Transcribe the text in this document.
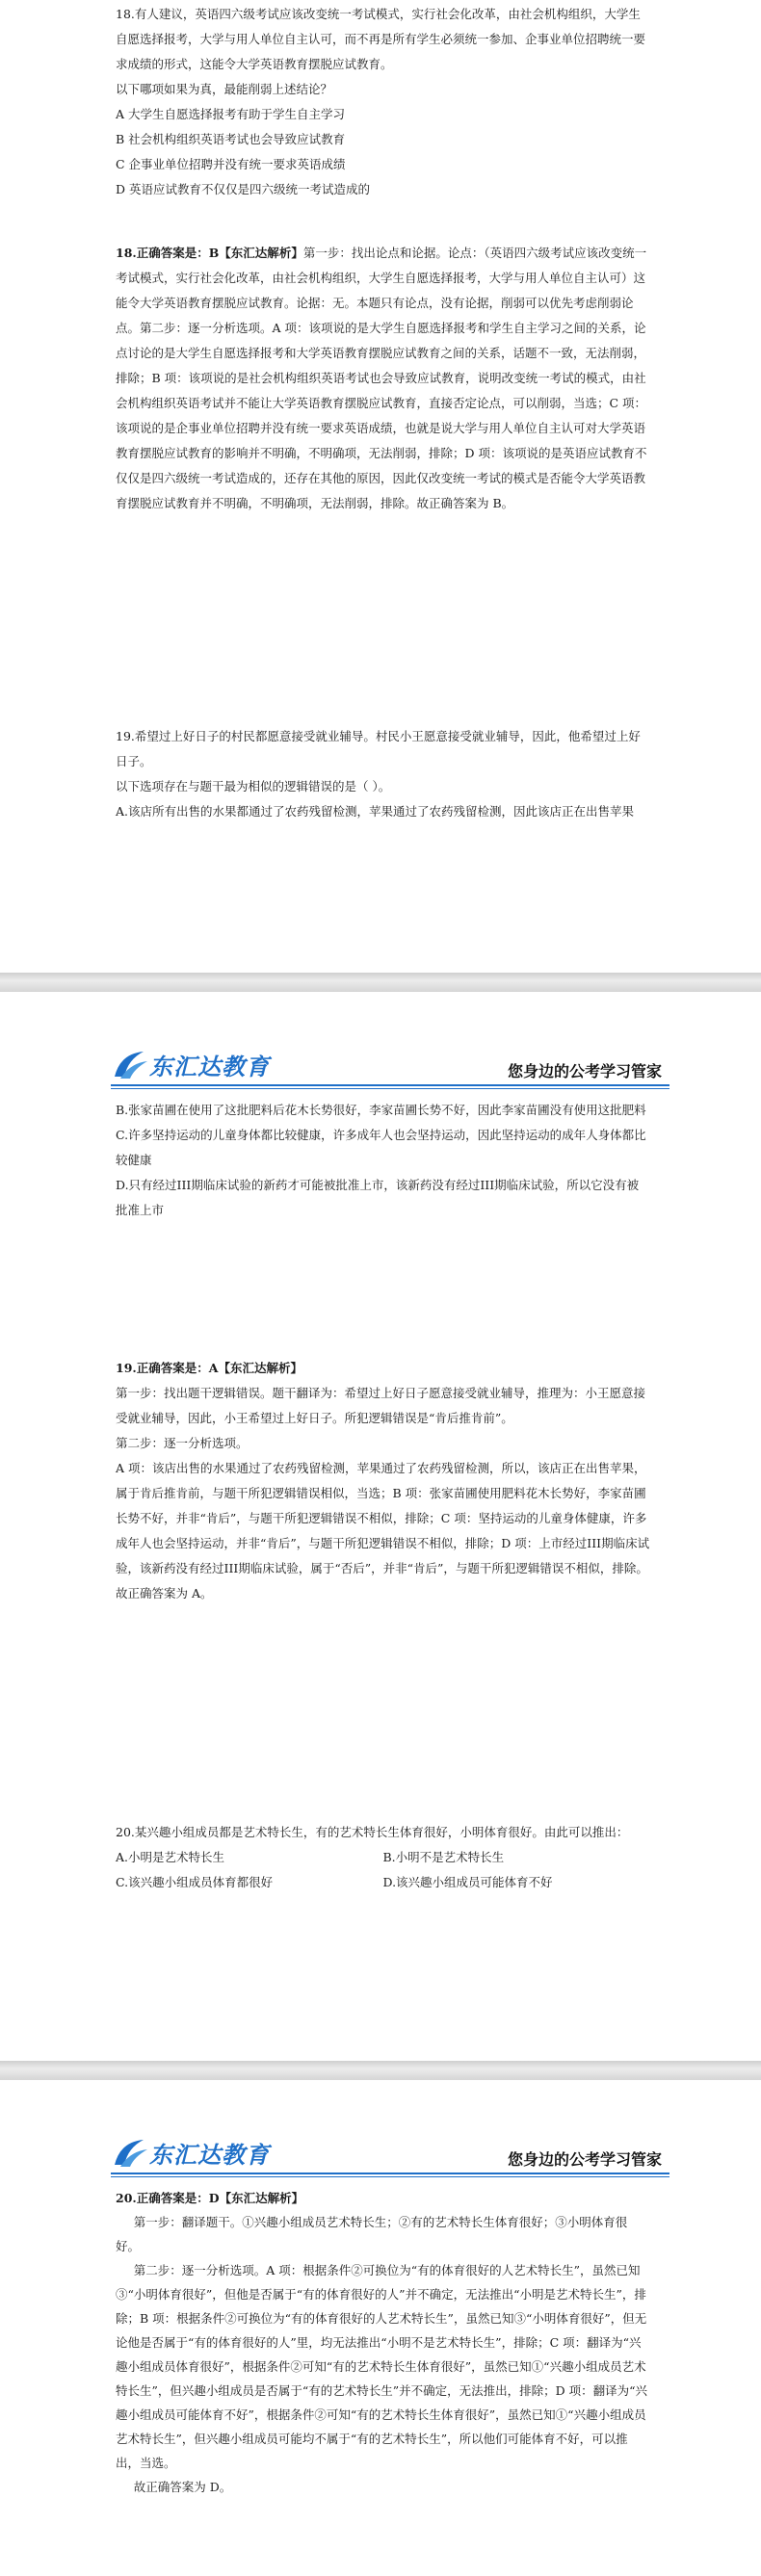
18.有人建议，英语四六级考试应该改变统一考试模式，实行社会化改革，由社会机构组织，大学生自愿选择报考，大学与用人单位自主认可，而不再是所有学生必须统一参加、企事业单位招聘统一要求成绩的形式，这能令大学英语教育摆脱应试教育。

以下哪项如果为真，最能削弱上述结论？

A 大学生自愿选择报考有助于学生自主学习

B 社会机构组织英语考试也会导致应试教育

C 企事业单位招聘并没有统一要求英语成绩

D 英语应试教育不仅仅是四六级统一考试造成的

18.正确答案是：B【东汇达解析】第一步：找出论点和论据。论点：（英语四六级考试应该改变统一考试模式，实行社会化改革，由社会机构组织，大学生自愿选择报考，大学与用人单位自主认可）这能令大学英语教育摆脱应试教育。论据：无。本题只有论点，没有论据，削弱可以优先考虑削弱论点。第二步：逐一分析选项。A 项：该项说的是大学生自愿选择报考和学生自主学习之间的关系，论点讨论的是大学生自愿选择报考和大学英语教育摆脱应试教育之间的关系，话题不一致，无法削弱，排除；B 项：该项说的是社会机构组织英语考试也会导致应试教育，说明改变统一考试的模式，由社会机构组织英语考试并不能让大学英语教育摆脱应试教育，直接否定论点，可以削弱，当选；C 项：该项说的是企事业单位招聘并没有统一要求英语成绩，也就是说大学与用人单位自主认可对大学英语教育摆脱应试教育的影响并不明确，不明确项，无法削弱，排除；D 项：该项说的是英语应试教育不仅仅是四六级统一考试造成的，还存在其他的原因，因此仅改变统一考试的模式是否能令大学英语教育摆脱应试教育并不明确，不明确项，无法削弱，排除。故正确答案为 B。

19.希望过上好日子的村民都愿意接受就业辅导。村民小王愿意接受就业辅导，因此，他希望过上好日子。

以下选项存在与题干最为相似的逻辑错误的是（ ）。

A.该店所有出售的水果都通过了农药残留检测，苹果通过了农药残留检测，因此该店正在出售苹果

东汇达教育	您身边的公考学习管家

B.张家苗圃在使用了这批肥料后花木长势很好，李家苗圃长势不好，因此李家苗圃没有使用这批肥料

C.许多坚持运动的儿童身体都比较健康，许多成年人也会坚持运动，因此坚持运动的成年人身体都比较健康

D.只有经过III期临床试验的新药才可能被批准上市，该新药没有经过III期临床试验，所以它没有被批准上市

19.正确答案是：A【东汇达解析】

第一步：找出题干逻辑错误。题干翻译为：希望过上好日子愿意接受就业辅导，推理为：小王愿意接受就业辅导，因此，小王希望过上好日子。所犯逻辑错误是“肯后推肯前”。

第二步：逐一分析选项。

A 项：该店出售的水果通过了农药残留检测，苹果通过了农药残留检测，所以，该店正在出售苹果，属于肯后推肯前，与题干所犯逻辑错误相似，当选；B 项：张家苗圃使用肥料花木长势好，李家苗圃长势不好，并非“肯后”，与题干所犯逻辑错误不相似，排除；C 项：坚持运动的儿童身体健康，许多成年人也会坚持运动，并非“肯后”，与题干所犯逻辑错误不相似，排除；D 项：上市经过III期临床试验，该新药没有经过III期临床试验，属于“否后”，并非“肯后”，与题干所犯逻辑错误不相似，排除。

故正确答案为 A。

20.某兴趣小组成员都是艺术特长生，有的艺术特长生体育很好，小明体育很好。由此可以推出：

A.小明是艺术特长生	B.小明不是艺术特长生
C.该兴趣小组成员体育都很好	D.该兴趣小组成员可能体育不好
东汇达教育	您身边的公考学习管家

20.正确答案是：D【东汇达解析】

第一步：翻译题干。①兴趣小组成员艺术特长生；②有的艺术特长生体育很好；③小明体育很好。

第二步：逐一分析选项。A 项：根据条件②可换位为“有的体育很好的人艺术特长生”，虽然已知③“小明体育很好”，但他是否属于“有的体育很好的人”并不确定，无法推出“小明是艺术特长生”，排除；B 项：根据条件②可换位为“有的体育很好的人艺术特长生”，虽然已知③“小明体育很好”，但无论他是否属于“有的体育很好的人”里，均无法推出“小明不是艺术特长生”，排除；C 项：翻译为“兴趣小组成员体育很好”，根据条件②可知“有的艺术特长生体育很好”，虽然已知①“兴趣小组成员艺术特长生”，但兴趣小组成员是否属于“有的艺术特长生”并不确定，无法推出，排除；D 项：翻译为“兴趣小组成员可能体育不好”，根据条件②可知“有的艺术特长生体育很好”，虽然已知①“兴趣小组成员艺术特长生”，但兴趣小组成员可能均不属于“有的艺术特长生”，所以他们可能体育不好，可以推出，当选。

故正确答案为 D。
